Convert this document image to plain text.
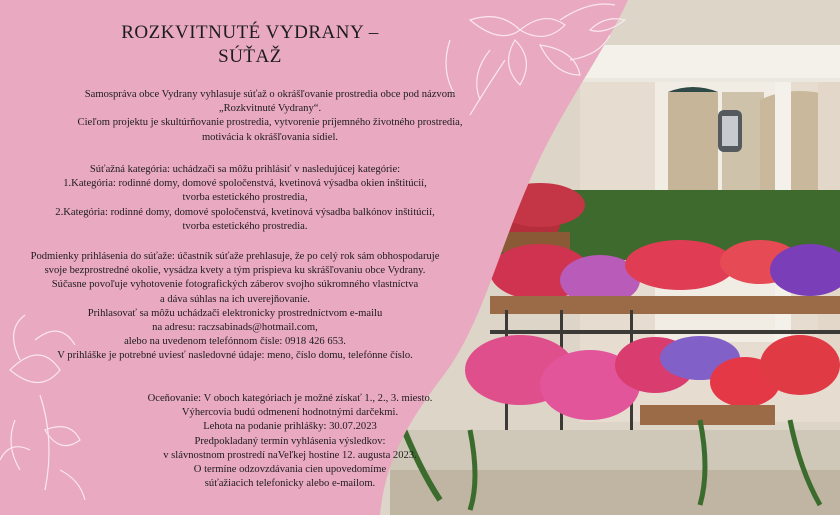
ROZKVITNUTÉ VYDRANY –
SÚŤAŽ
Samospráva obce Vydrany vyhlasuje súťaž o okrášľovanie prostredia obce pod názvom
„Rozkvitnuté Vydrany“.
Cieľom projektu je skultúrňovanie prostredia, vytvorenie príjemného životného prostredia,
motivácia k okrášľovania sídiel.
Súťažná kategória: uchádzači sa môžu prihlásiť v nasledujúcej kategórie:
1.Kategória: rodinné domy, domové spoločenstvá, kvetinová výsadba okien inštitúcií,
tvorba estetického prostredia,
2.Kategória: rodinné domy, domové spoločenstvá, kvetinová výsadba balkónov inštitúcií,
tvorba estetického prostredia.
Podmienky prihlásenia do súťaže: účastník súťaže prehlasuje, že po celý rok sám obhospodaruje
svoje bezprostredné okolie, vysádza kvety a tým prispieva ku skrášľovaniu obce Vydrany.
Súčasne povoľuje vyhotovenie fotografických záberov svojho súkromného vlastníctva
a dáva súhlas na ich uverejňovanie.
Prihlasovať sa môžu uchádzači elektronicky prostredníctvom e-mailu
na adresu: raczsabinads@hotmail.com,
alebo na uvedenom telefónnom čísle: 0918 426 653.
V prihláške je potrebné uviesť nasledovné údaje: meno, číslo domu, telefónne číslo.
Oceňovanie: V oboch kategóriach je možné získať 1., 2., 3. miesto.
Výhercovia budú odmenení hodnotnými darčekmi.
Lehota na podanie prihlášky: 30.07.2023
Predpokladaný termín vyhlásenia výsledkov:
v slávnostnom prostredí naVeľkej hostine 12. augusta 2023.
O termíne odzovzdávania cien upovedomíme
súťažiacich telefonicky alebo e-mailom.
